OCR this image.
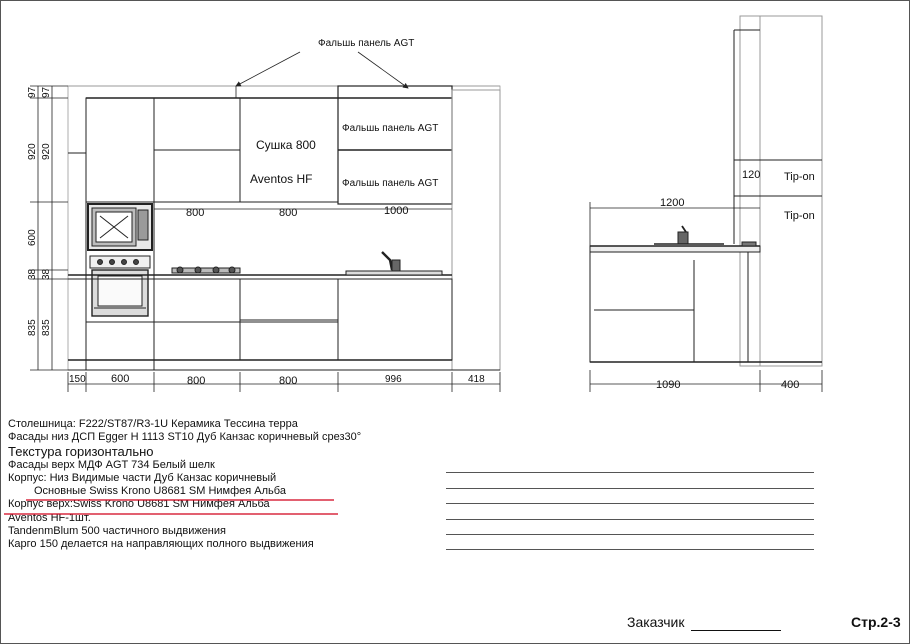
Фальшь панель AGT
Фальшь панель AGT
Фальшь панель AGT
Сушка 800
Aventos HF
800	800	1000
97
920
600
38
835
97
920
38
835
150 600	800	800	996	418
1200
120 Tip-on
Tip-on
1090	400
Столешница: F222/ST87/R3-1U Керамика Тессина терра
Фасады низ ДСП Egger H 1113 ST10 Дуб Канзас коричневый срез30°
Текстура горизонтально
Фасады верх МДФ AGT 734 Белый шелк
Корпус: Низ Видимые части Дуб Канзас коричневый
Основные Swiss Krono U8681 SM Нимфея Альба
Корпус верх:Swiss Krono U8681 SM Нимфея Альба
Aventos HF-1шт.
TandenmBlum 500 частичного выдвижения
Карго 150 делается на направляющих полного выдвижения
Заказчик	Стр.2-3
